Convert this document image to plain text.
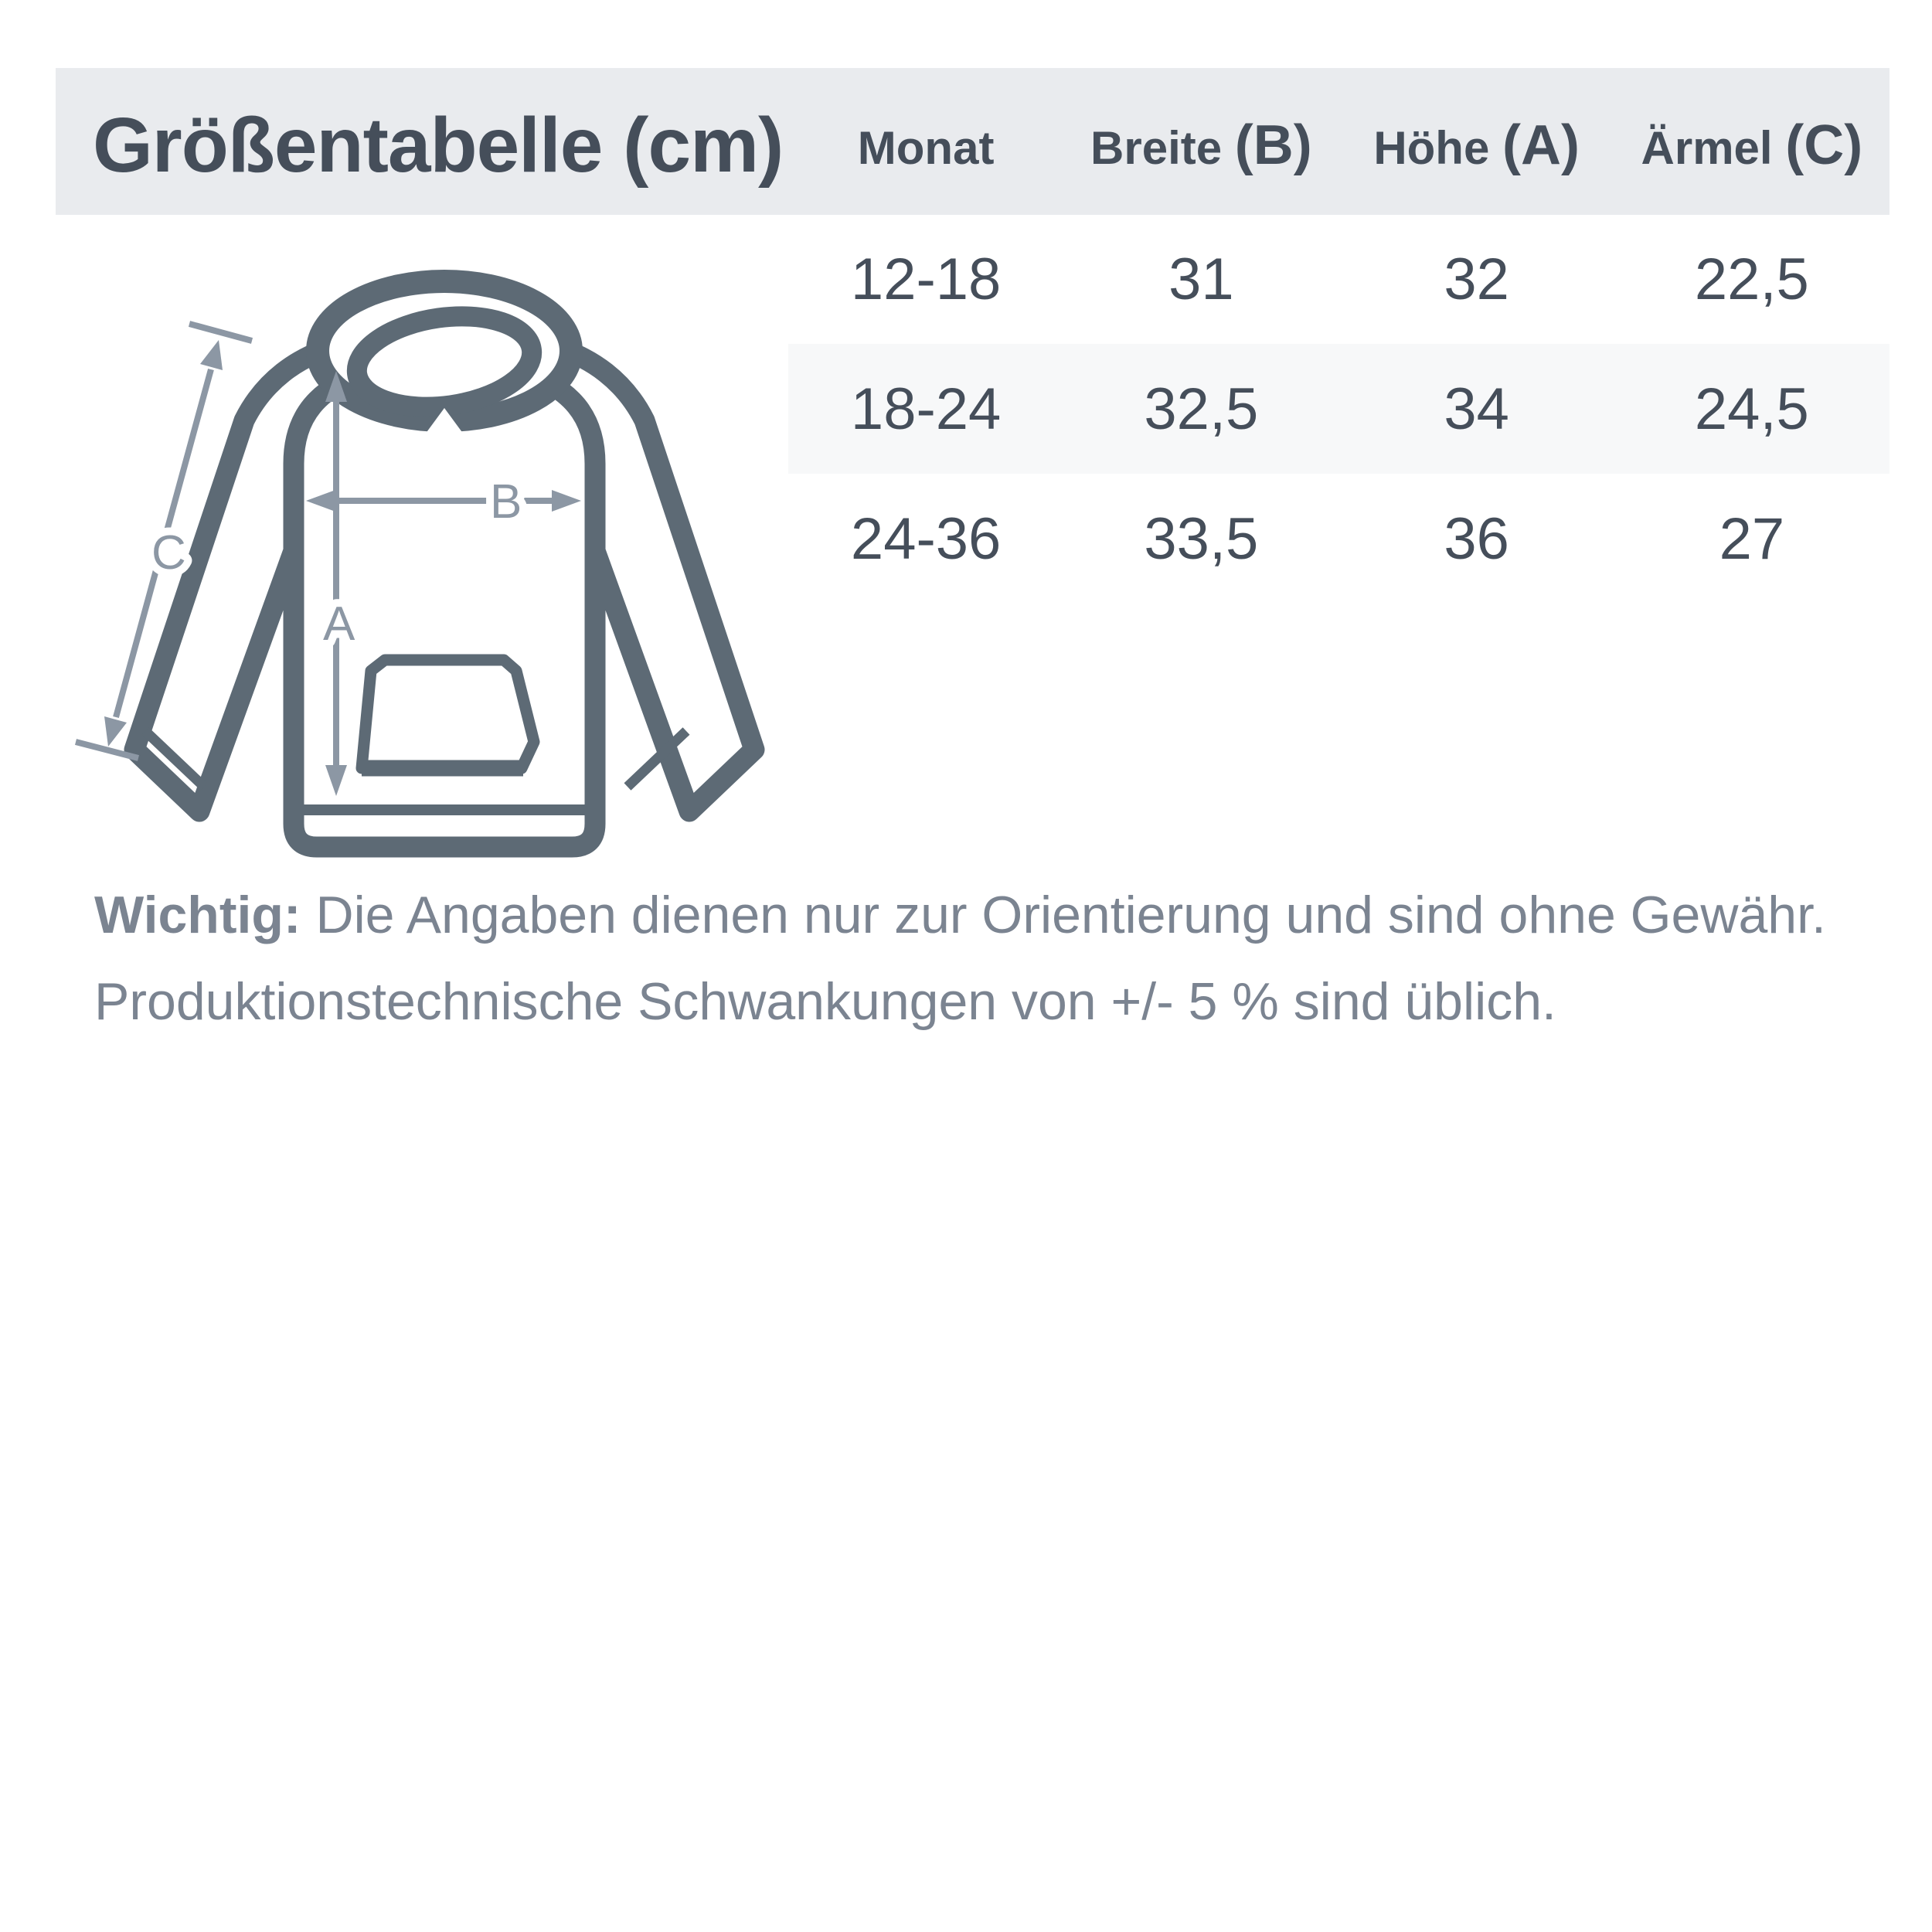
Größentabelle (cm)	Monat	Breite (B)	Höhe (A)	Ärmel (C)
12-18	31	32	22,5
18-24	32,5	34	24,5
24-36	33,5	36	27
A
B
C
Wichtig: Die Angaben dienen nur zur Orientierung und sind ohne Gewähr.
Produktionstechnische Schwankungen von +/- 5 % sind üblich.
